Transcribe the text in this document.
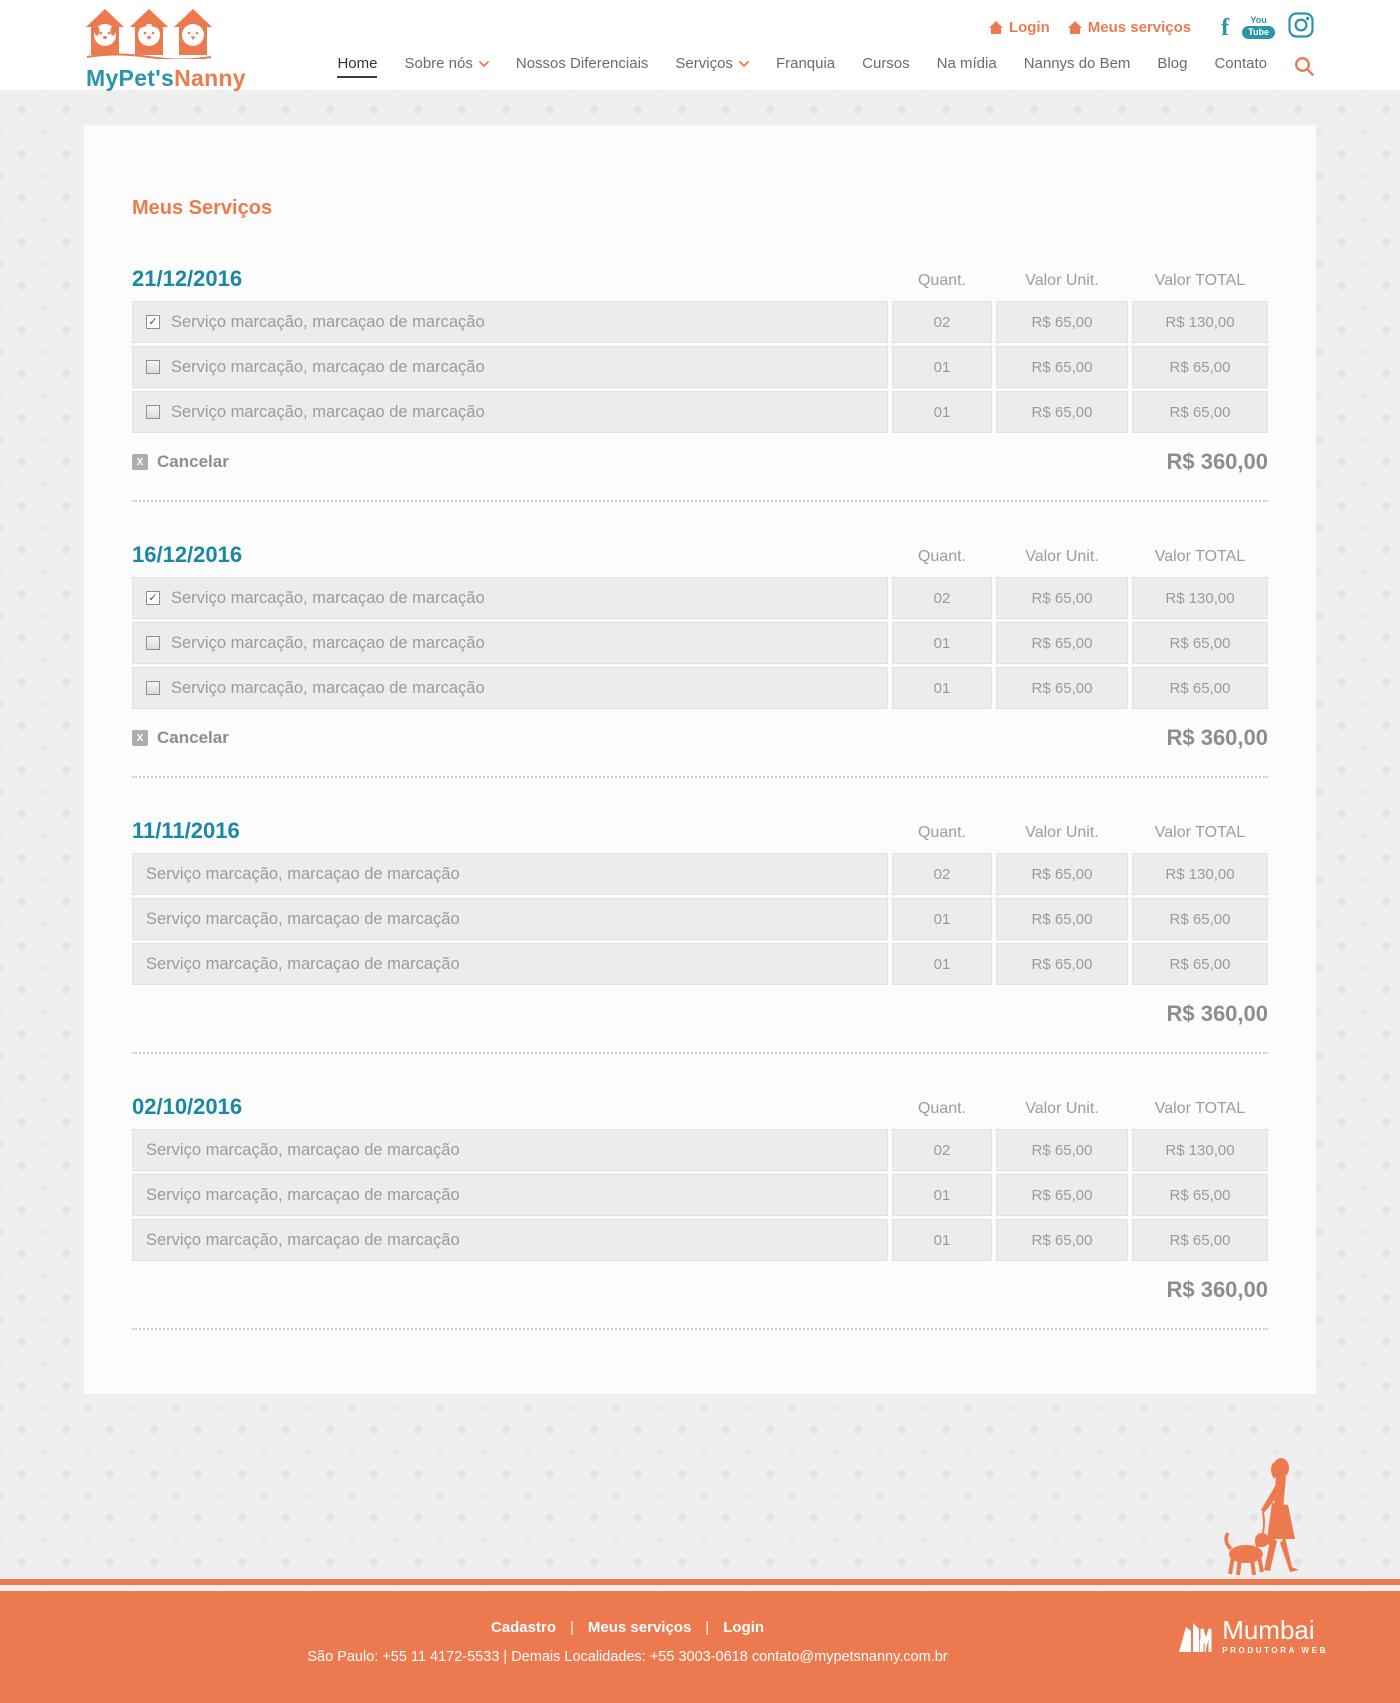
MyPet'sNanny
Login	Meus serviços f You
Tube
Home Sobre nós	Nossos Diferenciais Serviços	Franquia Cursos Na mídia Nannys do Bem Blog Contato
Meus Serviços
21/12/2016	Quant.	Valor Unit.	Valor TOTAL
✓ Serviço marcação, marcaçao de marcação	02	R$ 65,00	R$ 130,00
Serviço marcação, marcaçao de marcação	01	R$ 65,00	R$ 65,00
Serviço marcação, marcaçao de marcação	01	R$ 65,00	R$ 65,00
X Cancelar	R$ 360,00
16/12/2016	Quant.	Valor Unit.	Valor TOTAL
✓ Serviço marcação, marcaçao de marcação	02	R$ 65,00	R$ 130,00
Serviço marcação, marcaçao de marcação	01	R$ 65,00	R$ 65,00
Serviço marcação, marcaçao de marcação	01	R$ 65,00	R$ 65,00
X Cancelar	R$ 360,00
11/11/2016	Quant.	Valor Unit.	Valor TOTAL
Serviço marcação, marcaçao de marcação	02	R$ 65,00	R$ 130,00
Serviço marcação, marcaçao de marcação	01	R$ 65,00	R$ 65,00
Serviço marcação, marcaçao de marcação	01	R$ 65,00	R$ 65,00
R$ 360,00
02/10/2016	Quant.	Valor Unit.	Valor TOTAL
Serviço marcação, marcaçao de marcação	02	R$ 65,00	R$ 130,00
Serviço marcação, marcaçao de marcação	01	R$ 65,00	R$ 65,00
Serviço marcação, marcaçao de marcação	01	R$ 65,00	R$ 65,00
R$ 360,00
Cadastro | Meus serviços | Login
São Paulo: +55 11 4172-5533 | Demais Localidades: +55 3003-0618 contato@mypetsnanny.com.br
Mumbai
PRODUTORA WEB
